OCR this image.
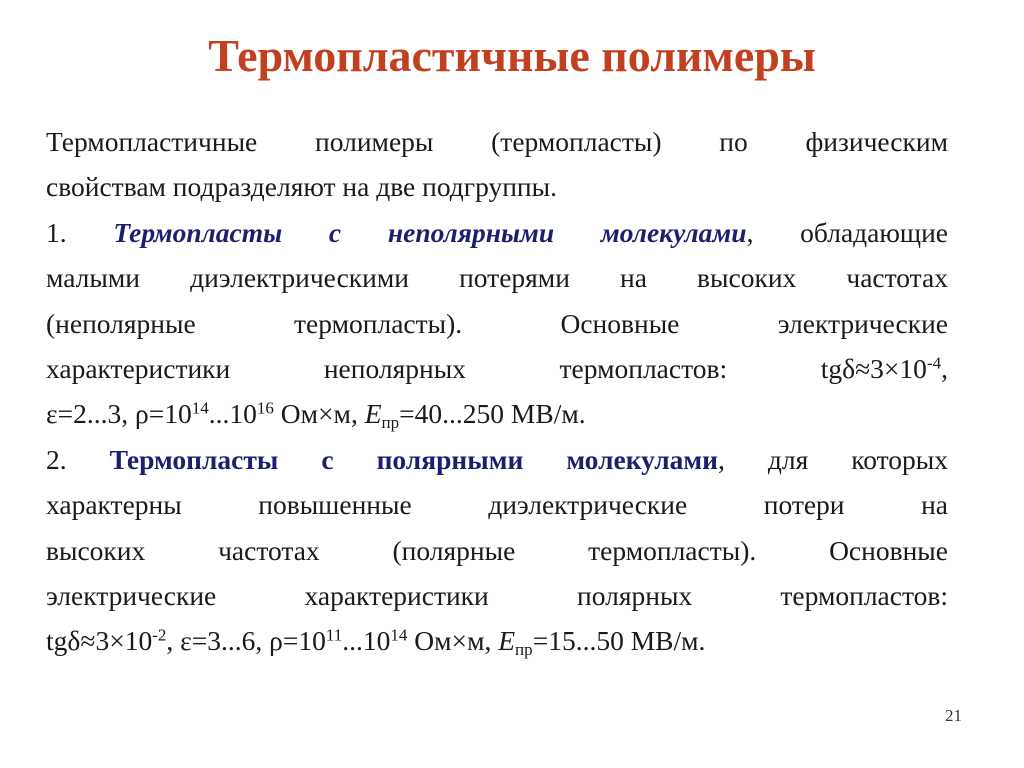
Термопластичные полимеры
Термопластичные полимеры (термопласты) по физическим
свойствам подразделяют на две подгруппы.
1. Термопласты с неполярными молекулами, обладающие
малыми диэлектрическими потерями на высоких частотах
(неполярные термопласты). Основные электрические
характеристики неполярных термопластов: $tg\delta\approx 3\times 10^{-4}$,
ε=2...3, $\rho=10^{14}...10^{16}$ Ом×м, $E_{пр}=40...250$ МВ/м.
2. Термопласты с полярными молекулами, для которых
характерны повышенные диэлектрические потери на
высоких частотах (полярные термопласты). Основные
электрические характеристики полярных термопластов:
$tg\delta\approx 3\times 10^{-2}$, ε=3...6, $\rho=10^{11}...10^{14}$ Ом×м, $E_{пр}=15...50$ МВ/м.
21
